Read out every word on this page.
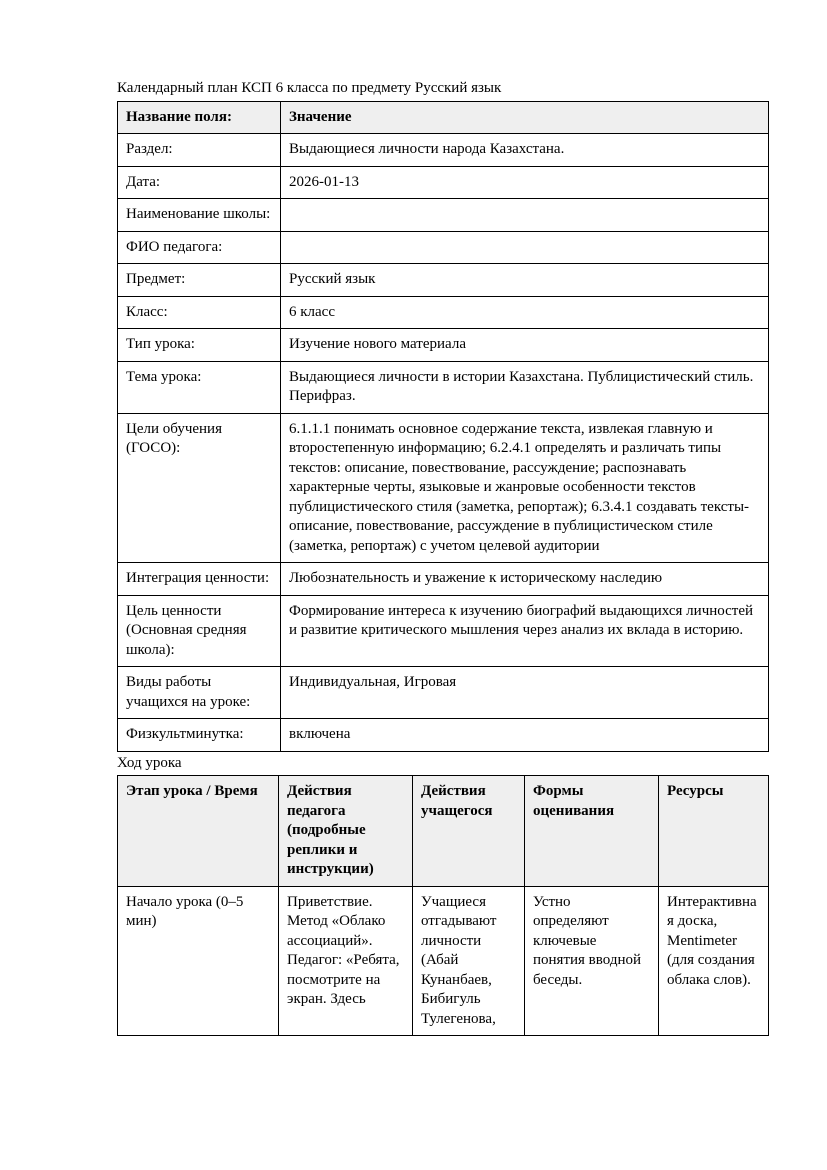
Календарный план КСП 6 класса по предмету Русский язык

Название поля:	Значение
Раздел:	Выдающиеся личности народа Казахстана.
Дата:	2026-01-13
Наименование школы:	
ФИО педагога:	
Предмет:	Русский язык
Класс:	6 класс
Тип урока:	Изучение нового материала
Тема урока:	Выдающиеся личности в истории Казахстана. Публицистический стиль. Перифраз.
Цели обучения (ГОСО):	6.1.1.1 понимать основное содержание текста, извлекая главную и второстепенную информацию; 6.2.4.1 определять и различать типы текстов: описание, повествование, рассуждение; распознавать характерные черты, языковые и жанровые особенности текстов публицистического стиля (заметка, репортаж); 6.3.4.1 создавать тексты- описание, повествование, рассуждение в публицистическом стиле (заметка, репортаж) с учетом целевой аудитории
Интеграция ценности:	Любознательность и уважение к историческому наследию
Цель ценности (Основная средняя школа):	Формирование интереса к изучению биографий выдающихся личностей и развитие критического мышления через анализ их вклада в историю.
Виды работы учащихся на уроке:	Индивидуальная, Игровая
Физкультминутка:	включена

Ход урока

Этап урока / Время	Действия педагога (подробные реплики и инструкции)	Действия учащегося	Формы оценивания	Ресурсы
Начало урока (0–5 мин)	Приветствие. Метод «Облако ассоциаций». Педагог: «Ребята, посмотрите на экран. Здесь	Учащиеся отгадывают личности (Абай Кунанбаев, Бибигуль Тулегенова,	Устно определяют ключевые понятия вводной беседы.	Интерактивная доска, Mentimeter (для создания облака слов).
